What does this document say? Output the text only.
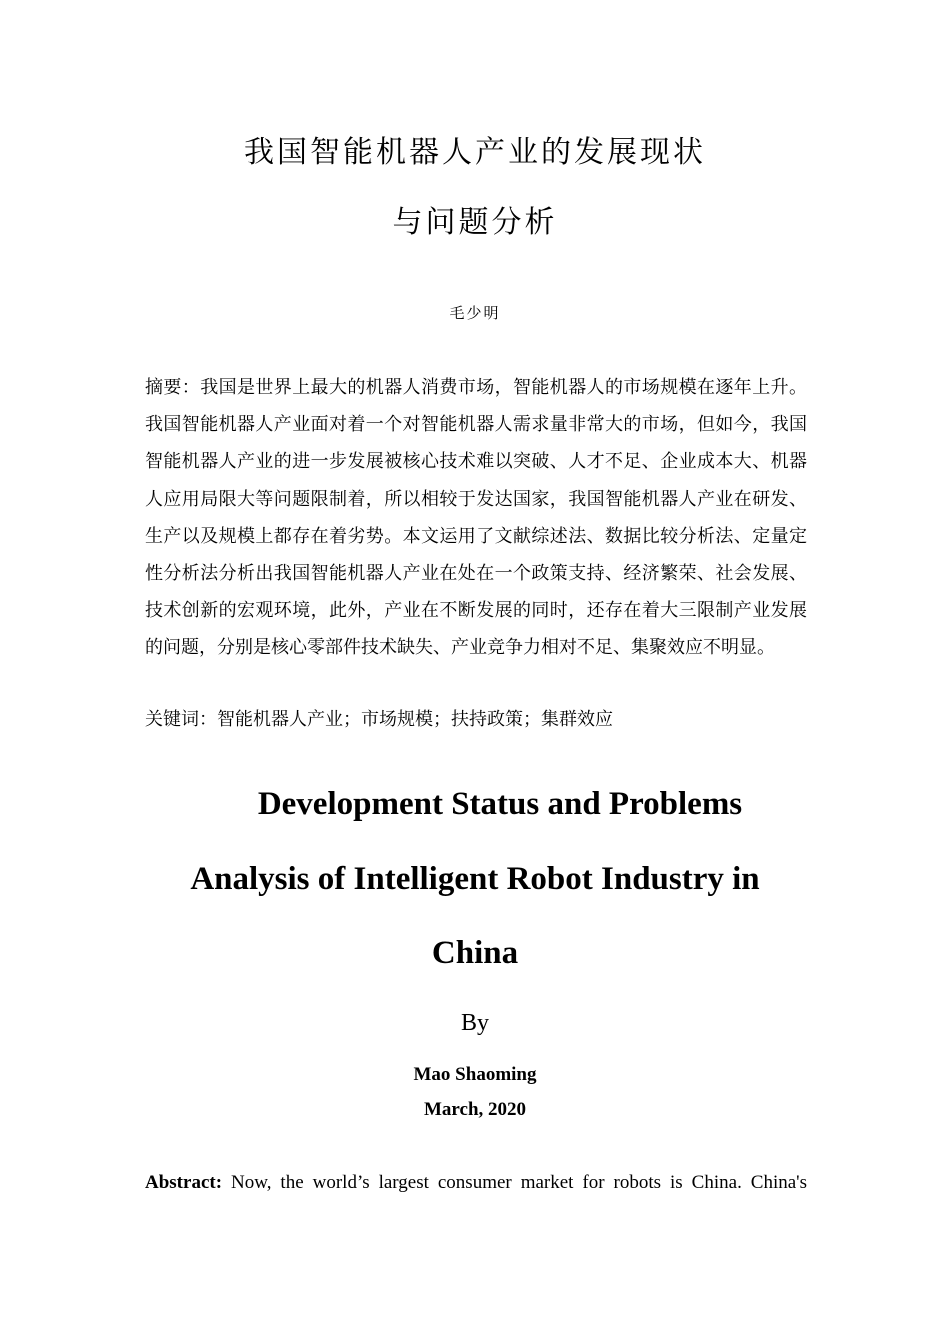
我国智能机器人产业的发展现状
与问题分析
毛少明

摘要：我国是世界上最大的机器人消费市场，智能机器人的市场规模在逐年上升。我国智能机器人产业面对着一个对智能机器人需求量非常大的市场，但如今，我国智能机器人产业的进一步发展被核心技术难以突破、人才不足、企业成本大、机器人应用局限大等问题限制着，所以相较于发达国家，我国智能机器人产业在研发、生产以及规模上都存在着劣势。本文运用了文献综述法、数据比较分析法、定量定性分析法分析出我国智能机器人产业在处在一个政策支持、经济繁荣、社会发展、技术创新的宏观环境，此外，产业在不断发展的同时，还存在着大三限制产业发展的问题，分别是核心零部件技术缺失、产业竞争力相对不足、集聚效应不明显。

关键词：智能机器人产业；市场规模；扶持政策；集群效应

Development Status and Problems
Analysis of Intelligent Robot Industry in
China
By
Mao Shaoming
March, 2020

Abstract: Now, the world’s largest consumer market for robots is China. China's
